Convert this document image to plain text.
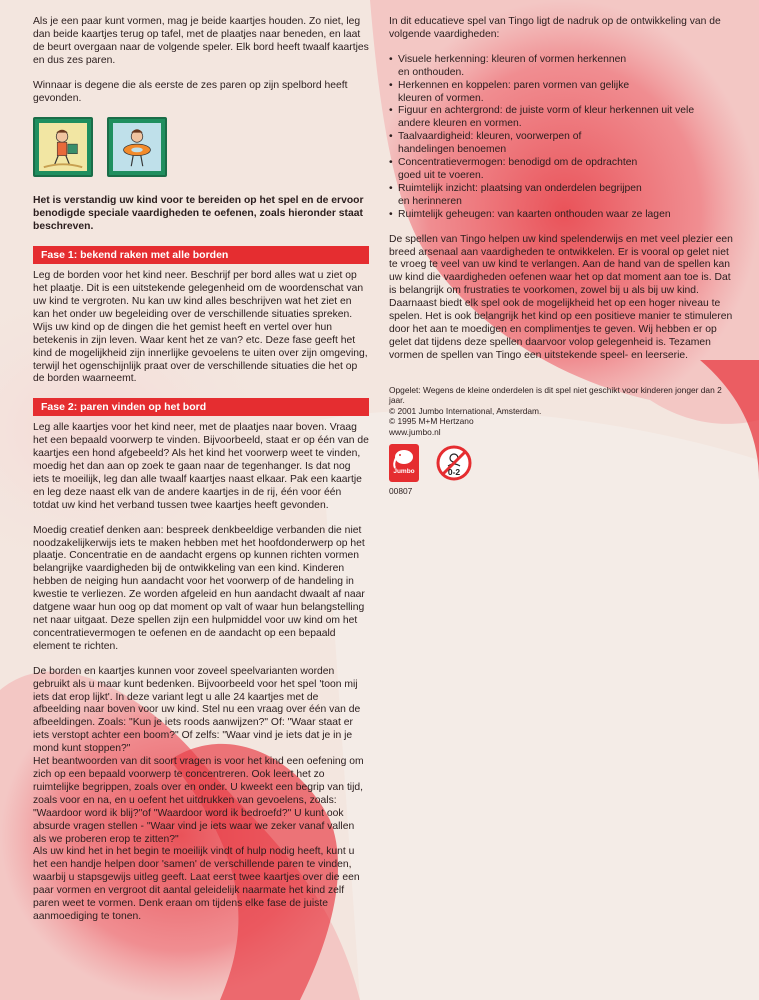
Als je een paar kunt vormen, mag je beide kaartjes houden. Zo niet, leg dan beide kaartjes terug op tafel, met de plaatjes naar beneden, en laat de beurt overgaan naar de volgende speler. Elk bord heeft twaalf kaartjes en dus zes paren.

Winnaar is degene die als eerste de zes paren op zijn spelbord heeft gevonden.

Het is verstandig uw kind voor te bereiden op het spel en de ervoor benodigde speciale vaardigheden te oefenen, zoals hieronder staat beschreven.

Fase 1: bekend raken met alle borden

Leg de borden voor het kind neer. Beschrijf per bord alles wat u ziet op het plaatje. Dit is een uitstekende gelegenheid om de woordenschat van uw kind te vergroten. Nu kan uw kind alles beschrijven wat het ziet en kan het onder uw begeleiding over de verschillende situaties spreken. Wijs uw kind op de dingen die het gemist heeft en vertel over hun betekenis in zijn leven. Waar kent het ze van? etc. Deze fase geeft het kind de mogelijkheid zijn innerlijke gevoelens te uiten over zijn omgeving, terwijl het ogenschijnlijk praat over de verschillende situaties die het op de borden waarneemt.

Fase 2: paren vinden op het bord

Leg alle kaartjes voor het kind neer, met de plaatjes naar boven. Vraag het een bepaald voorwerp te vinden. Bijvoorbeeld, staat er op één van de kaartjes een hond afgebeeld? Als het kind het voorwerp weet te vinden, moedig het dan aan op zoek te gaan naar de tegenhanger. Is dat nog iets te moeilijk, leg dan alle twaalf kaartjes naast elkaar. Pak een kaartje en leg deze naast elk van de andere kaartjes in de rij, één voor één totdat uw kind het verband tussen twee kaartjes heeft gevonden.

Moedig creatief denken aan: bespreek denkbeeldige verbanden die niet noodzakelijkerwijs iets te maken hebben met het hoofdonderwerp op het plaatje. Concentratie en de aandacht ergens op kunnen richten vormen belangrijke vaardigheden bij de ontwikkeling van een kind. Kinderen hebben de neiging hun aandacht voor het voorwerp of de handeling in kwestie te verliezen. Ze worden afgeleid en hun aandacht dwaalt af naar datgene waar hun oog op dat moment op valt of waar hun belangstelling net naar uitgaat. Deze spellen zijn een hulpmiddel voor uw kind om het concentratievermogen te oefenen en de aandacht op een bepaald element te richten.

De borden en kaartjes kunnen voor zoveel speelvarianten worden gebruikt als u maar kunt bedenken. Bijvoorbeeld voor het spel 'toon mij iets dat erop lijkt'. In deze variant legt u alle 24 kaartjes met de afbeelding naar boven voor uw kind. Stel nu een vraag over één van de afbeeldingen. Zoals: "Kun je iets roods aanwijzen?" Of: "Waar staat er iets verstopt achter een boom?" Of zelfs: "Waar vind je iets dat je in je mond kunt stoppen?"

Het beantwoorden van dit soort vragen is voor het kind een oefening om zich op een bepaald voorwerp te concentreren. Ook leert het zo ruimtelijke begrippen, zoals over en onder. U kweekt een begrip van tijd, zoals voor en na, en u oefent het uitdrukken van gevoelens, zoals: "Waardoor word ik blij?"of "Waardoor word ik bedroefd?" U kunt ook absurde vragen stellen - "Waar vind je iets waar we zeker vanaf vallen als we proberen erop te zitten?"

Als uw kind het in het begin te moeilijk vindt of hulp nodig heeft, kunt u het een handje helpen door 'samen' de verschillende paren te vinden, waarbij u stapsgewijs uitleg geeft. Laat eerst twee kaartjes over die een paar vormen en vergroot dit aantal geleidelijk naarmate het kind zelf paren weet te vormen. Denk eraan om tijdens elke fase de juiste aanmoediging te tonen.

In dit educatieve spel van Tingo ligt de nadruk op de ontwikkeling van de volgende vaardigheden:

• Visuele herkenning: kleuren of vormen herkennen
en onthouden.
• Herkennen en koppelen: paren vormen van gelijke
kleuren of vormen.
• Figuur en achtergrond: de juiste vorm of kleur herkennen uit vele
andere kleuren en vormen.
• Taalvaardigheid: kleuren, voorwerpen of
handelingen benoemen
• Concentratievermogen: benodigd om de opdrachten
goed uit te voeren.
• Ruimtelijk inzicht: plaatsing van onderdelen begrijpen
en herinneren
• Ruimtelijk geheugen: van kaarten onthouden waar ze lagen

De spellen van Tingo helpen uw kind spelenderwijs en met veel plezier een breed arsenaal aan vaardigheden te ontwikkelen. Er is vooral op gelet niet te vroeg te veel van uw kind te verlangen. Aan de hand van de spellen kan uw kind die vaardigheden oefenen waar het op dat moment aan toe is. Dat is belangrijk om frustraties te voorkomen, zowel bij u als bij uw kind. Daarnaast biedt elk spel ook de mogelijkheid het op een hoger niveau te spelen. Het is ook belangrijk het kind op een positieve manier te stimuleren door het aan te moedigen en complimentjes te geven. Wij hebben er op gelet dat tijdens deze spellen daarvoor volop gelegenheid is. Tezamen vormen de spellen van Tingo een uitstekende speel- en leerserie.

Opgelet: Wegens de kleine onderdelen is dit spel niet geschikt voor kinderen jonger dan 2 jaar.
© 2001 Jumbo International, Amsterdam.
© 1995 M+M Hertzano
www.jumbo.nl
Jumbo	0-2
00807
